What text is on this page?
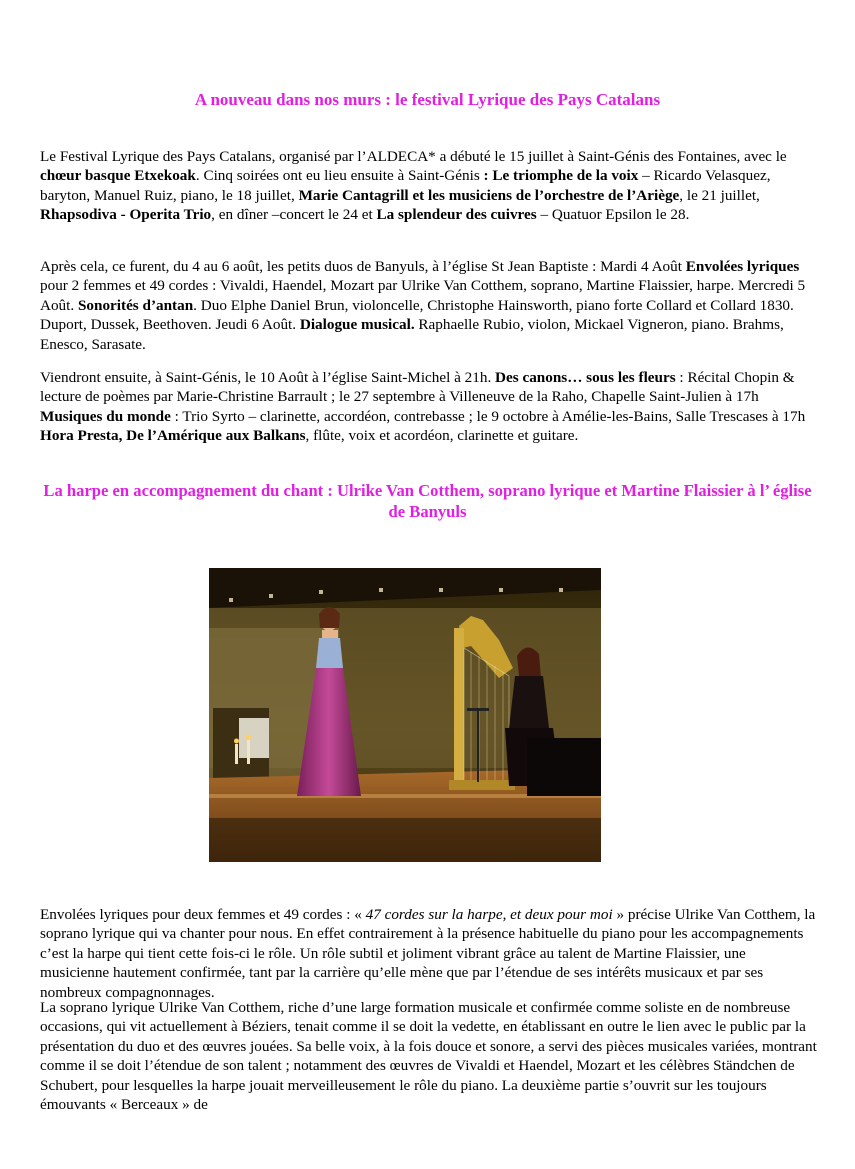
A nouveau dans nos murs : le festival Lyrique des Pays Catalans

Le Festival Lyrique des Pays Catalans, organisé par l’ALDECA* a débuté le 15 juillet à Saint-Génis des Fontaines, avec le chœur basque Etxekoak. Cinq soirées ont eu lieu ensuite à Saint-Génis : Le triomphe de la voix – Ricardo Velasquez, baryton, Manuel Ruiz, piano, le 18 juillet, Marie Cantagrill et les musiciens de l’orchestre de l’Ariège, le 21 juillet, Rhapsodiva - Operita Trio, en dîner –concert le 24 et La splendeur des cuivres – Quatuor Epsilon le 28.

Après cela, ce furent, du 4 au 6 août, les petits duos de Banyuls, à l’église St Jean Baptiste : Mardi 4 Août Envolées lyriques pour 2 femmes et 49 cordes : Vivaldi, Haendel, Mozart par Ulrike Van Cotthem, soprano, Martine Flaissier, harpe. Mercredi 5 Août. Sonorités d’antan. Duo Elphe Daniel Brun, violoncelle, Christophe Hainsworth, piano forte Collard et Collard 1830. Duport, Dussek, Beethoven. Jeudi 6 Août. Dialogue musical. Raphaelle Rubio, violon, Mickael Vigneron, piano. Brahms, Enesco, Sarasate.

Viendront ensuite, à Saint-Génis, le 10 Août à l’église Saint-Michel à 21h. Des canons… sous les fleurs : Récital Chopin & lecture de poèmes par Marie-Christine Barrault ; le 27 septembre à Villeneuve de la Raho, Chapelle Saint-Julien à 17h Musiques du monde : Trio Syrto – clarinette, accordéon, contrebasse ; le 9 octobre à Amélie-les-Bains, Salle Trescases à 17h Hora Presta, De l’Amérique aux Balkans, flûte, voix et acordéon, clarinette et guitare.

La harpe en accompagnement du chant : Ulrike Van Cotthem, soprano lyrique et Martine Flaissier à l’ église de Banyuls

Envolées lyriques pour deux femmes et 49 cordes : « 47 cordes sur la harpe, et deux pour moi » précise Ulrike Van Cotthem, la soprano lyrique qui va chanter pour nous. En effet contrairement à la présence habituelle du piano pour les accompagnements c’est la harpe qui tient cette fois-ci le rôle. Un rôle subtil et joliment vibrant grâce au talent de Martine Flaissier, une musicienne hautement confirmée, tant par la carrière qu’elle mène que par l’étendue de ses intérêts musicaux et par ses nombreux compagnonnages.

La soprano lyrique Ulrike Van Cotthem, riche d’une large formation musicale et confirmée comme soliste en de nombreuse occasions, qui vit actuellement à Béziers, tenait comme il se doit la vedette, en établissant en outre le lien avec le public par la présentation du duo et des œuvres jouées. Sa belle voix, à la fois douce et sonore, a servi des pièces musicales variées, montrant comme il se doit l’étendue de son talent ; notamment des œuvres de Vivaldi et Haendel, Mozart et les célèbres Ständchen de Schubert, pour lesquelles la harpe jouait merveilleusement le rôle du piano. La deuxième partie s’ouvrit sur les toujours émouvants « Berceaux » de
